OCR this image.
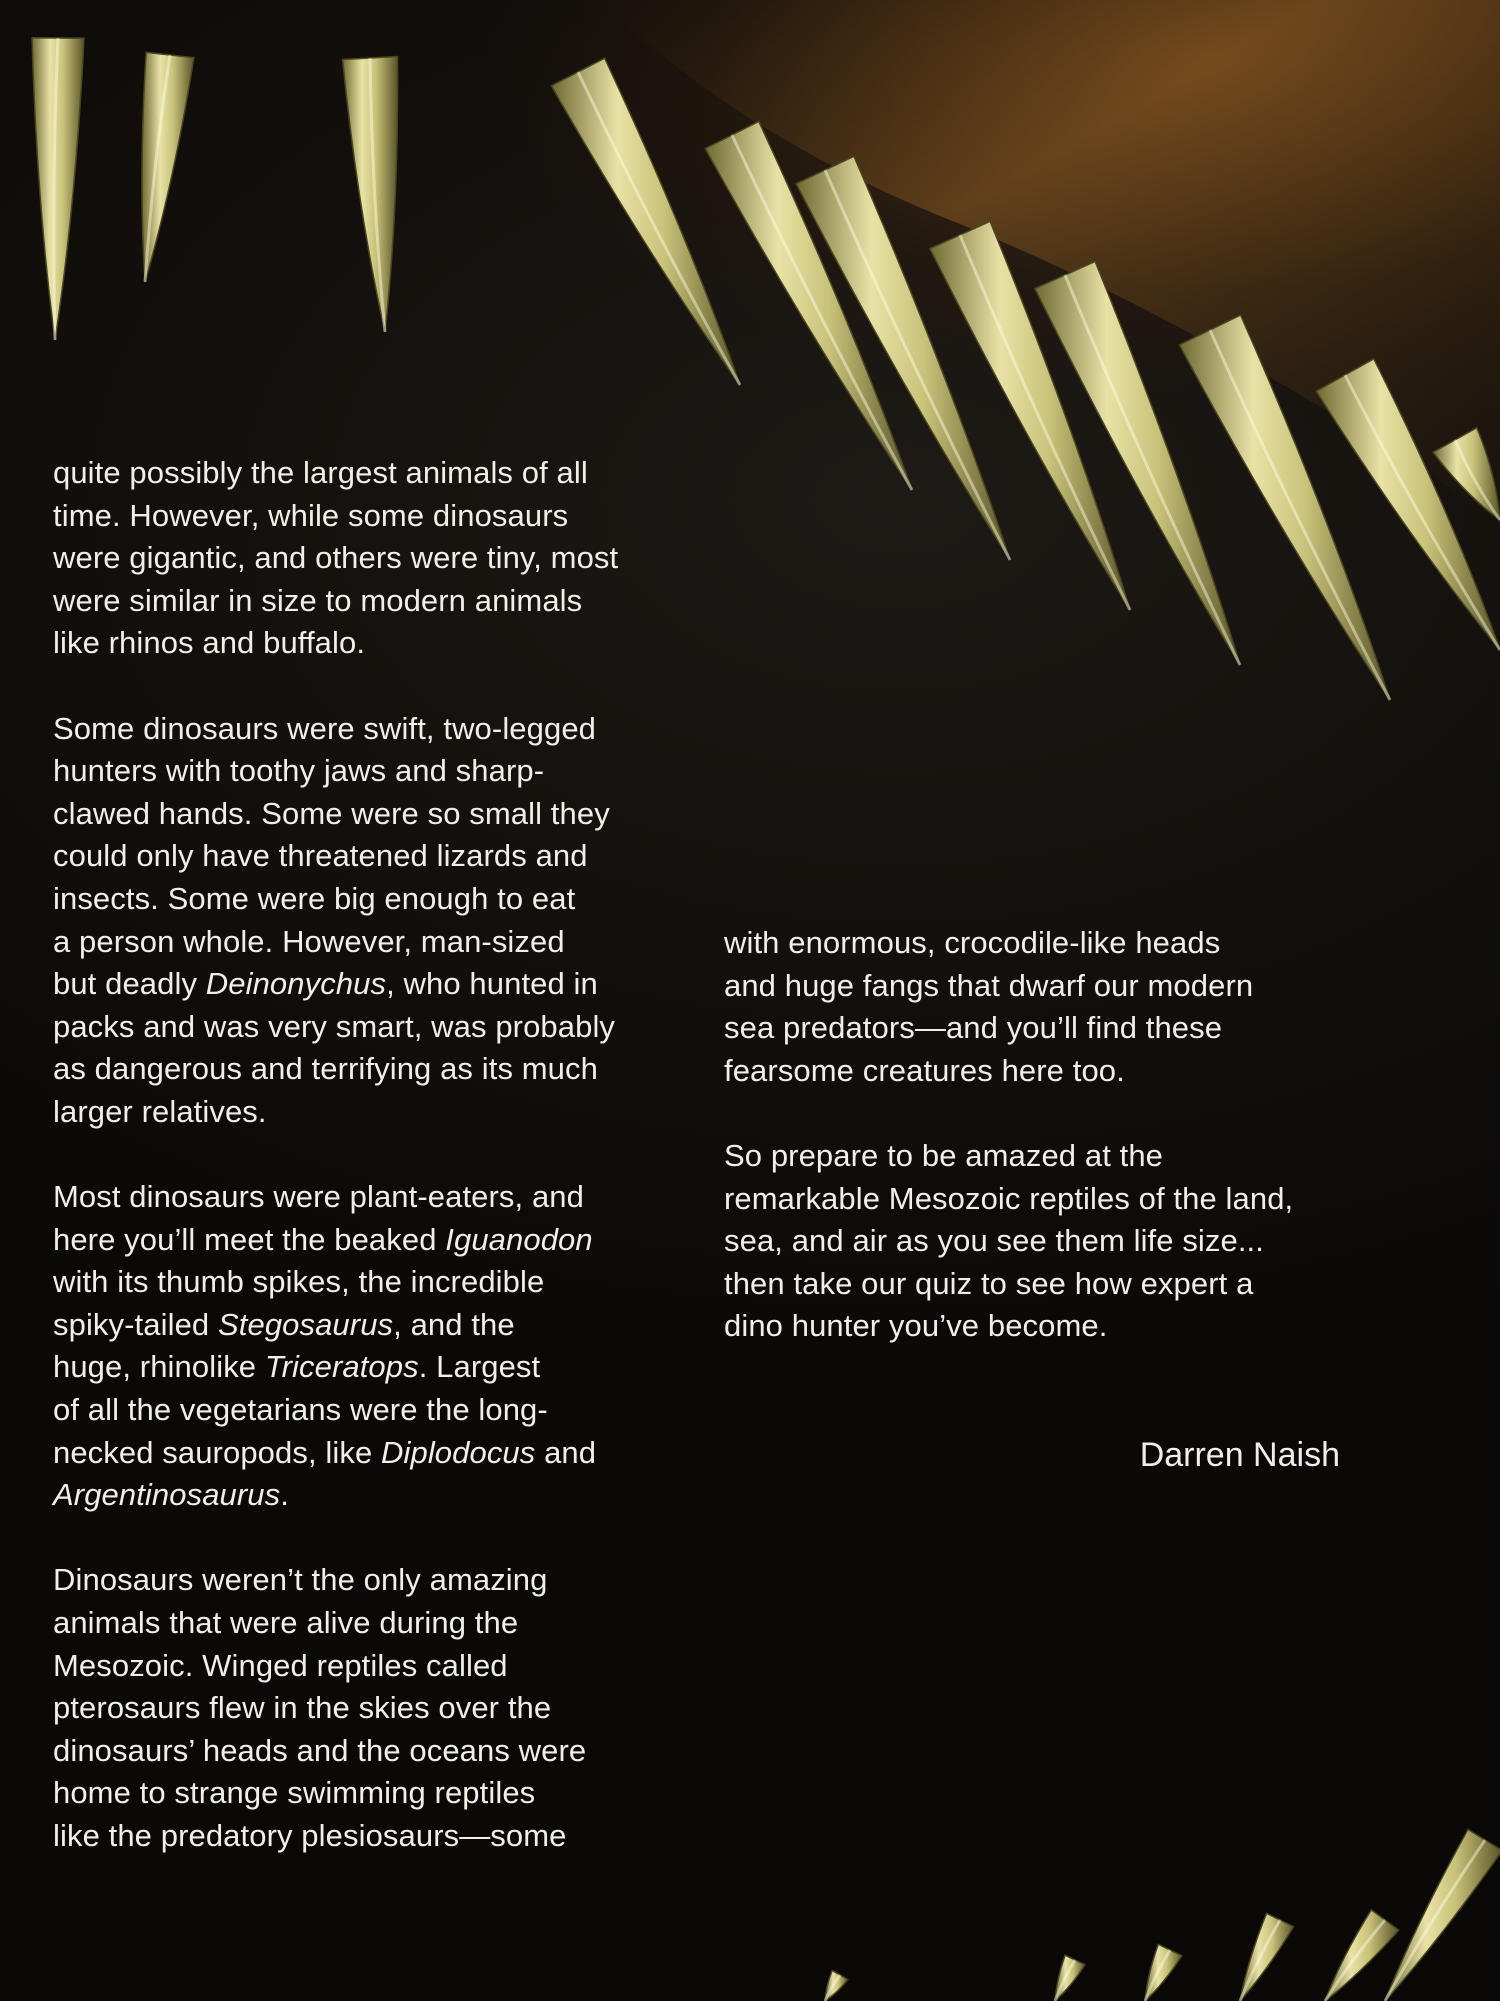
quite possibly the largest animals of all
time. However, while some dinosaurs
were gigantic, and others were tiny, most
were similar in size to modern animals
like rhinos and buffalo.

Some dinosaurs were swift, two-legged
hunters with toothy jaws and sharp-
clawed hands. Some were so small they
could only have threatened lizards and
insects. Some were big enough to eat
a person whole. However, man-sized
but deadly Deinonychus, who hunted in
packs and was very smart, was probably
as dangerous and terrifying as its much
larger relatives.

Most dinosaurs were plant-eaters, and
here you’ll meet the beaked Iguanodon
with its thumb spikes, the incredible
spiky-tailed Stegosaurus, and the
huge, rhinolike Triceratops. Largest
of all the vegetarians were the long-
necked sauropods, like Diplodocus and
Argentinosaurus.

Dinosaurs weren’t the only amazing
animals that were alive during the
Mesozoic. Winged reptiles called
pterosaurs flew in the skies over the
dinosaurs’ heads and the oceans were
home to strange swimming reptiles
like the predatory plesiosaurs—some

with enormous, crocodile-like heads
and huge fangs that dwarf our modern
sea predators—and you’ll find these
fearsome creatures here too.

So prepare to be amazed at the
remarkable Mesozoic reptiles of the land,
sea, and air as you see them life size...
then take our quiz to see how expert a
dino hunter you’ve become.

Darren Naish
